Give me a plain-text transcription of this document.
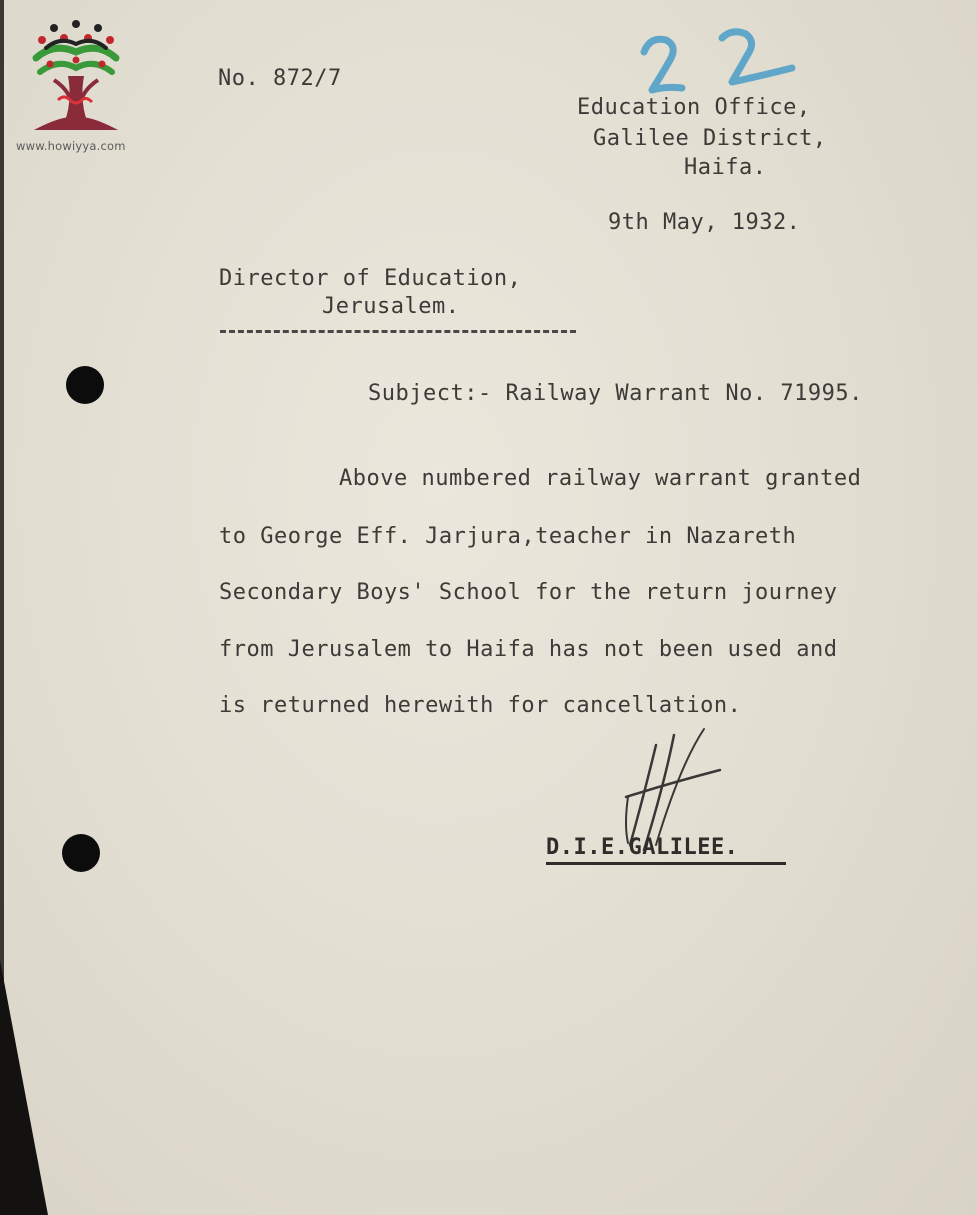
www.howiyya.com
No. 872/7
Education Office,
Galilee District,
Haifa.
9th May, 1932.
Director of Education,
Jerusalem.
Subject:- Railway Warrant No. 71995.
Above numbered railway warrant granted
to George Eff. Jarjura,teacher in Nazareth
Secondary Boys' School for the return journey
from Jerusalem to Haifa has not been used and
is returned herewith for cancellation.
D.I.E.GALILEE.
